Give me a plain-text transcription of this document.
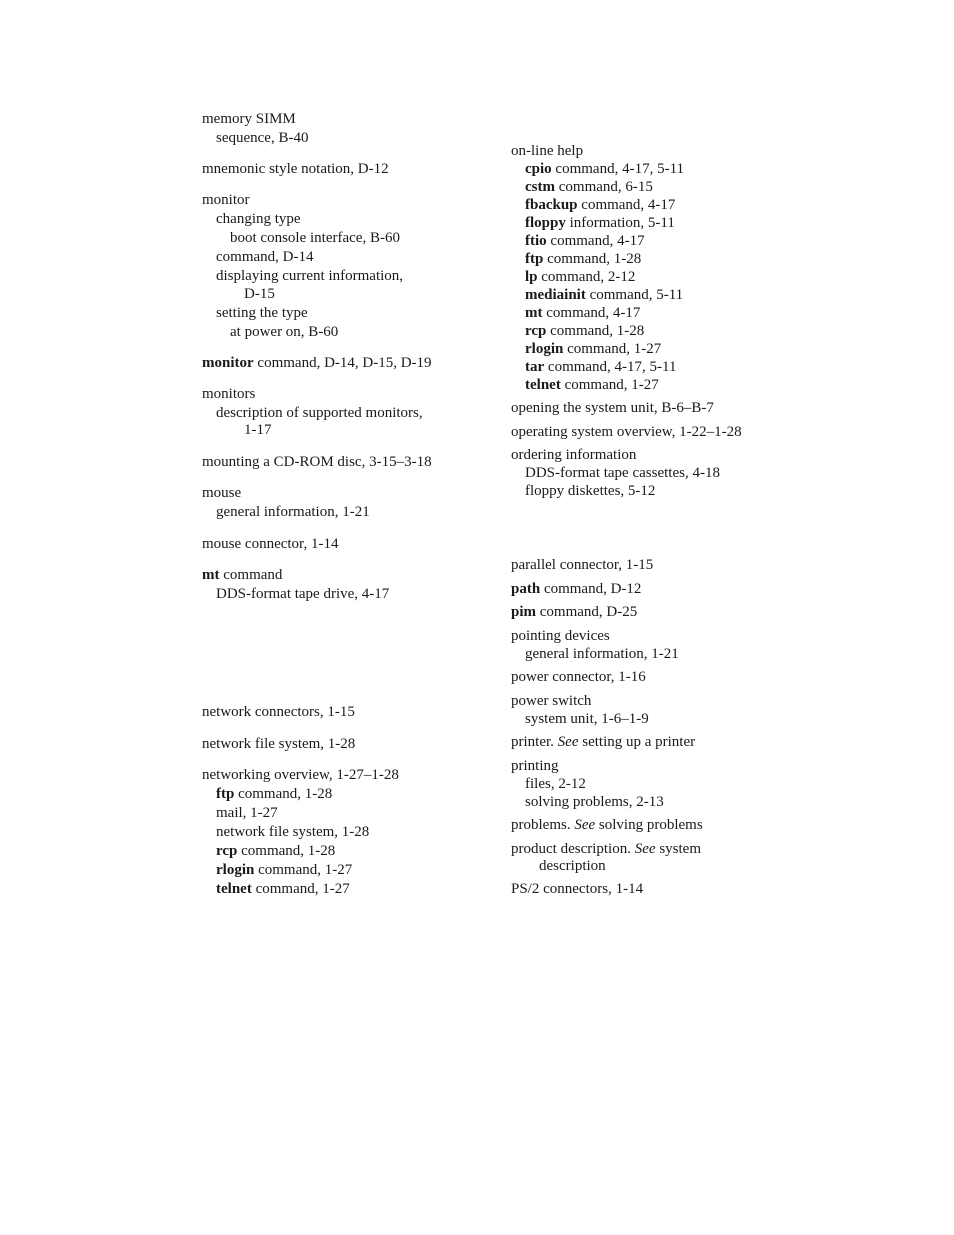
memory SIMM
sequence, B-40
mnemonic style notation, D-12
monitor
changing type
boot console interface, B-60
command, D-14
displaying current information,
D-15
setting the type
at power on, B-60
monitor command, D-14, D-15, D-19
monitors
description of supported monitors,
1-17
mounting a CD-ROM disc, 3-15–3-18
mouse
general information, 1-21
mouse connector, 1-14
mt command
DDS-format tape drive, 4-17
network connectors, 1-15
network file system, 1-28
networking overview, 1-27–1-28
ftp command, 1-28
mail, 1-27
network file system, 1-28
rcp command, 1-28
rlogin command, 1-27
telnet command, 1-27
on-line help
cpio command, 4-17, 5-11
cstm command, 6-15
fbackup command, 4-17
floppy information, 5-11
ftio command, 4-17
ftp command, 1-28
lp command, 2-12
mediainit command, 5-11
mt command, 4-17
rcp command, 1-28
rlogin command, 1-27
tar command, 4-17, 5-11
telnet command, 1-27
opening the system unit, B-6–B-7
operating system overview, 1-22–1-28
ordering information
DDS-format tape cassettes, 4-18
floppy diskettes, 5-12
parallel connector, 1-15
path command, D-12
pim command, D-25
pointing devices
general information, 1-21
power connector, 1-16
power switch
system unit, 1-6–1-9
printer. See setting up a printer
printing
files, 2-12
solving problems, 2-13
problems. See solving problems
product description. See system
description
PS/2 connectors, 1-14
